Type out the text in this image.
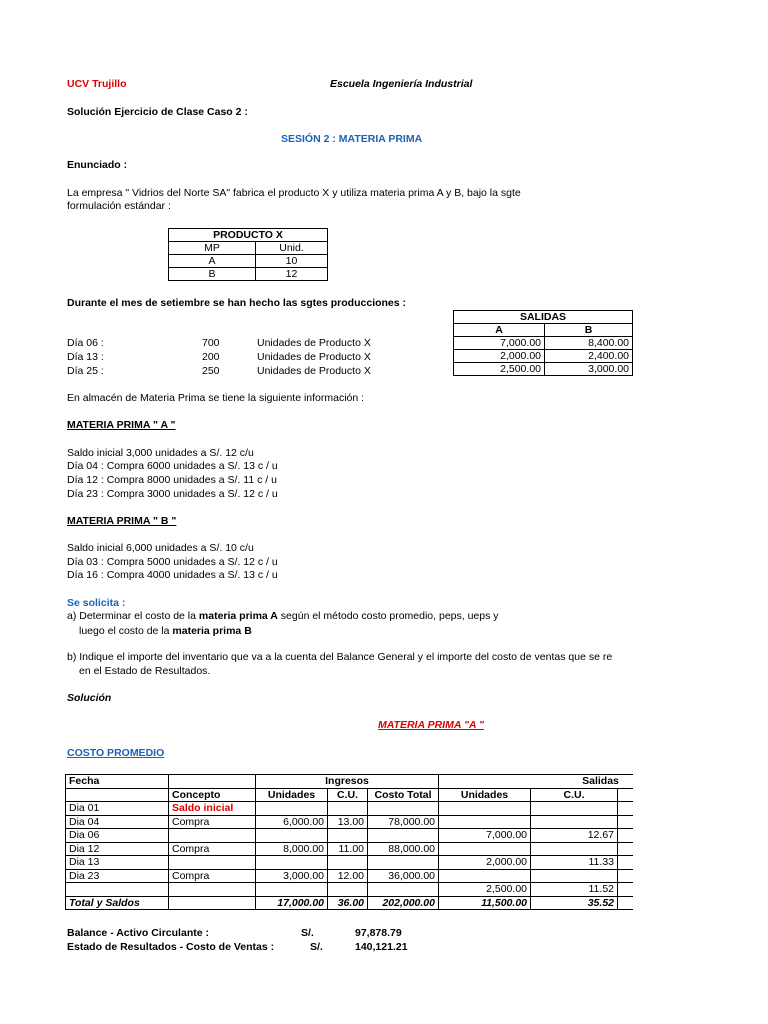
UCV Trujillo	Escuela Ingeniería Industrial
Solución Ejercicio de Clase Caso 2 :
SESIÓN 2 : MATERIA PRIMA
Enunciado :
La empresa " Vidrios del Norte SA" fabrica el producto X y utiliza materia prima A y B, bajo la sgte
formulación estándar :
PRODUCTO X	
MP	Unid.
A	10
B	12
Durante el mes de setiembre se han hecho las sgtes producciones :
Día 06 :	700	Unidades de Producto X
Día 13 :	200	Unidades de Producto X
Día 25 :	250	Unidades de Producto X
SALIDAS	
A	B
7,000.00	8,400.00
2,000.00	2,400.00
2,500.00	3,000.00
En almacén de Materia Prima se tiene la siguiente información :
MATERIA PRIMA " A "
Saldo inicial 3,000 unidades a S/. 12 c/u
Día 04 : Compra 6000 unidades a S/. 13 c / u
Día 12 : Compra 8000 unidades a S/. 11 c / u
Día 23 : Compra 3000 unidades a S/. 12 c / u
MATERIA PRIMA " B "
Saldo inicial 6,000 unidades a S/. 10 c/u
Día 03 : Compra 5000 unidades a S/. 12 c / u
Día 16 : Compra 4000 unidades a S/. 13 c / u
Se solicita :
a) Determinar el costo de la materia prima A según el método costo promedio, peps, ueps y
luego el costo de la materia prima B
b) Indique el importe del inventario que va a la cuenta del Balance General y el importe del costo de ventas que se re
en el Estado de Resultados.
Solución
MATERIA PRIMA "A "
COSTO PROMEDIO
Fecha		Ingresos			Salidas		
	Concepto	Unidades	C.U.	Costo Total	Unidades	C.U.	
Dia 01	Saldo inicial						
Dia 04	Compra	6,000.00	13.00	78,000.00			
Dia 06					7,000.00	12.67	
Dia 12	Compra	8,000.00	11.00	88,000.00			
Dia 13					2,000.00	11.33	
Dia 23	Compra	3,000.00	12.00	36,000.00			
					2,500.00	11.52	
Total y Saldos		17,000.00	36.00	202,000.00	11,500.00	35.52	
Balance - Activo Circulante :	S/.	97,878.79
Estado de Resultados - Costo de Ventas :	S/.	140,121.21
